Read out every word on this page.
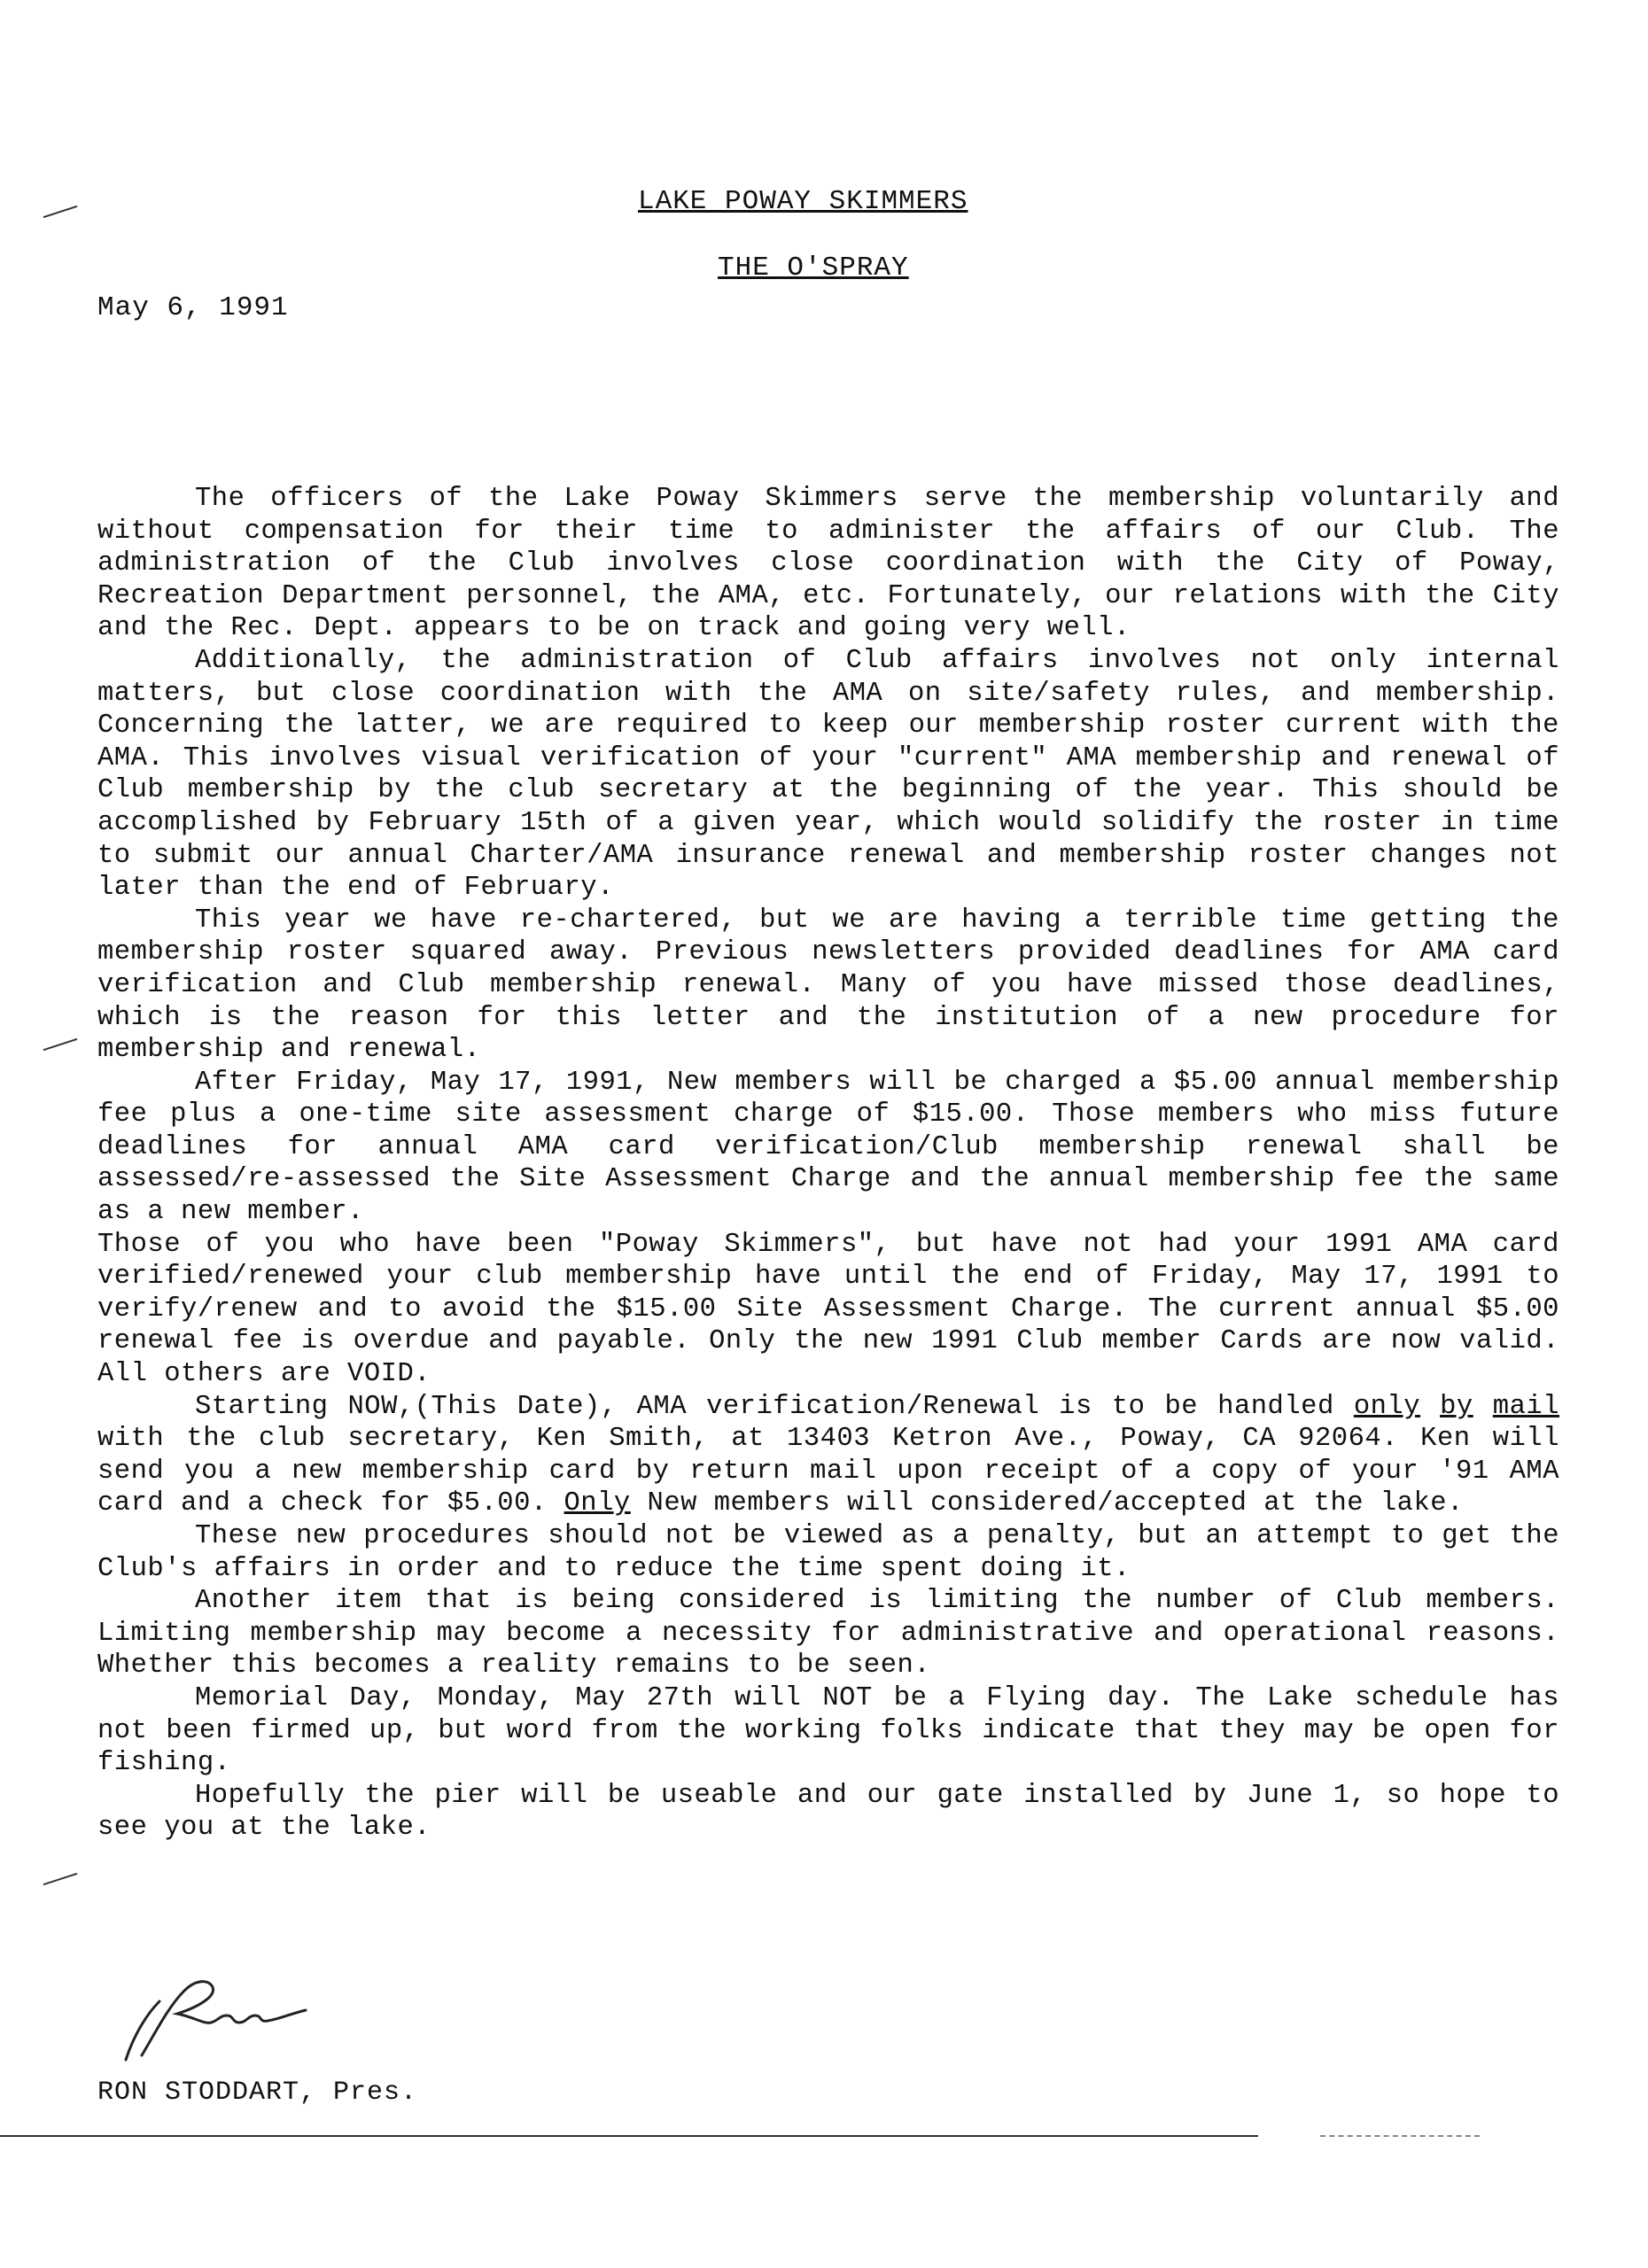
LAKE POWAY SKIMMERS
THE O'SPRAY
May 6, 1991

The officers of the Lake Poway Skimmers serve the membership voluntarily and without compensation for their time to administer the affairs of our Club. The administration of the Club involves close coordination with the City of Poway, Recreation Department personnel, the AMA, etc. Fortunately, our relations with the City and the Rec. Dept. appears to be on track and going very well.

Additionally, the administration of Club affairs involves not only internal matters, but close coordination with the AMA on site/safety rules, and membership. Concerning the latter, we are required to keep our membership roster current with the AMA. This involves visual verification of your "current" AMA membership and renewal of Club membership by the club secretary at the beginning of the year. This should be accomplished by February 15th of a given year, which would solidify the roster in time to submit our annual Charter/AMA insurance renewal and membership roster changes not later than the end of February.

This year we have re-chartered, but we are having a terrible time getting the membership roster squared away. Previous newsletters provided deadlines for AMA card verification and Club membership renewal. Many of you have missed those deadlines, which is the reason for this letter and the institution of a new procedure for membership and renewal.

After Friday, May 17, 1991, New members will be charged a $5.00 annual membership fee plus a one-time site assessment charge of $15.00. Those members who miss future deadlines for annual AMA card verification/Club membership renewal shall be assessed/re-assessed the Site Assessment Charge and the annual membership fee the same as a new member.

Those of you who have been "Poway Skimmers", but have not had your 1991 AMA card verified/renewed your club membership have until the end of Friday, May 17, 1991 to verify/renew and to avoid the $15.00 Site Assessment Charge. The current annual $5.00 renewal fee is overdue and payable. Only the new 1991 Club member Cards are now valid. All others are VOID.

Starting NOW,(This Date), AMA verification/Renewal is to be handled only by mail with the club secretary, Ken Smith, at 13403 Ketron Ave., Poway, CA 92064. Ken will send you a new membership card by return mail upon receipt of a copy of your '91 AMA card and a check for $5.00. Only New members will considered/accepted at the lake.

These new procedures should not be viewed as a penalty, but an attempt to get the Club's affairs in order and to reduce the time spent doing it.

Another item that is being considered is limiting the number of Club members. Limiting membership may become a necessity for administrative and operational reasons. Whether this becomes a reality remains to be seen.

Memorial Day, Monday, May 27th will NOT be a Flying day. The Lake schedule has not been firmed up, but word from the working folks indicate that they may be open for fishing.

Hopefully the pier will be useable and our gate installed by June 1, so hope to see you at the lake.

RON STODDART, Pres.
